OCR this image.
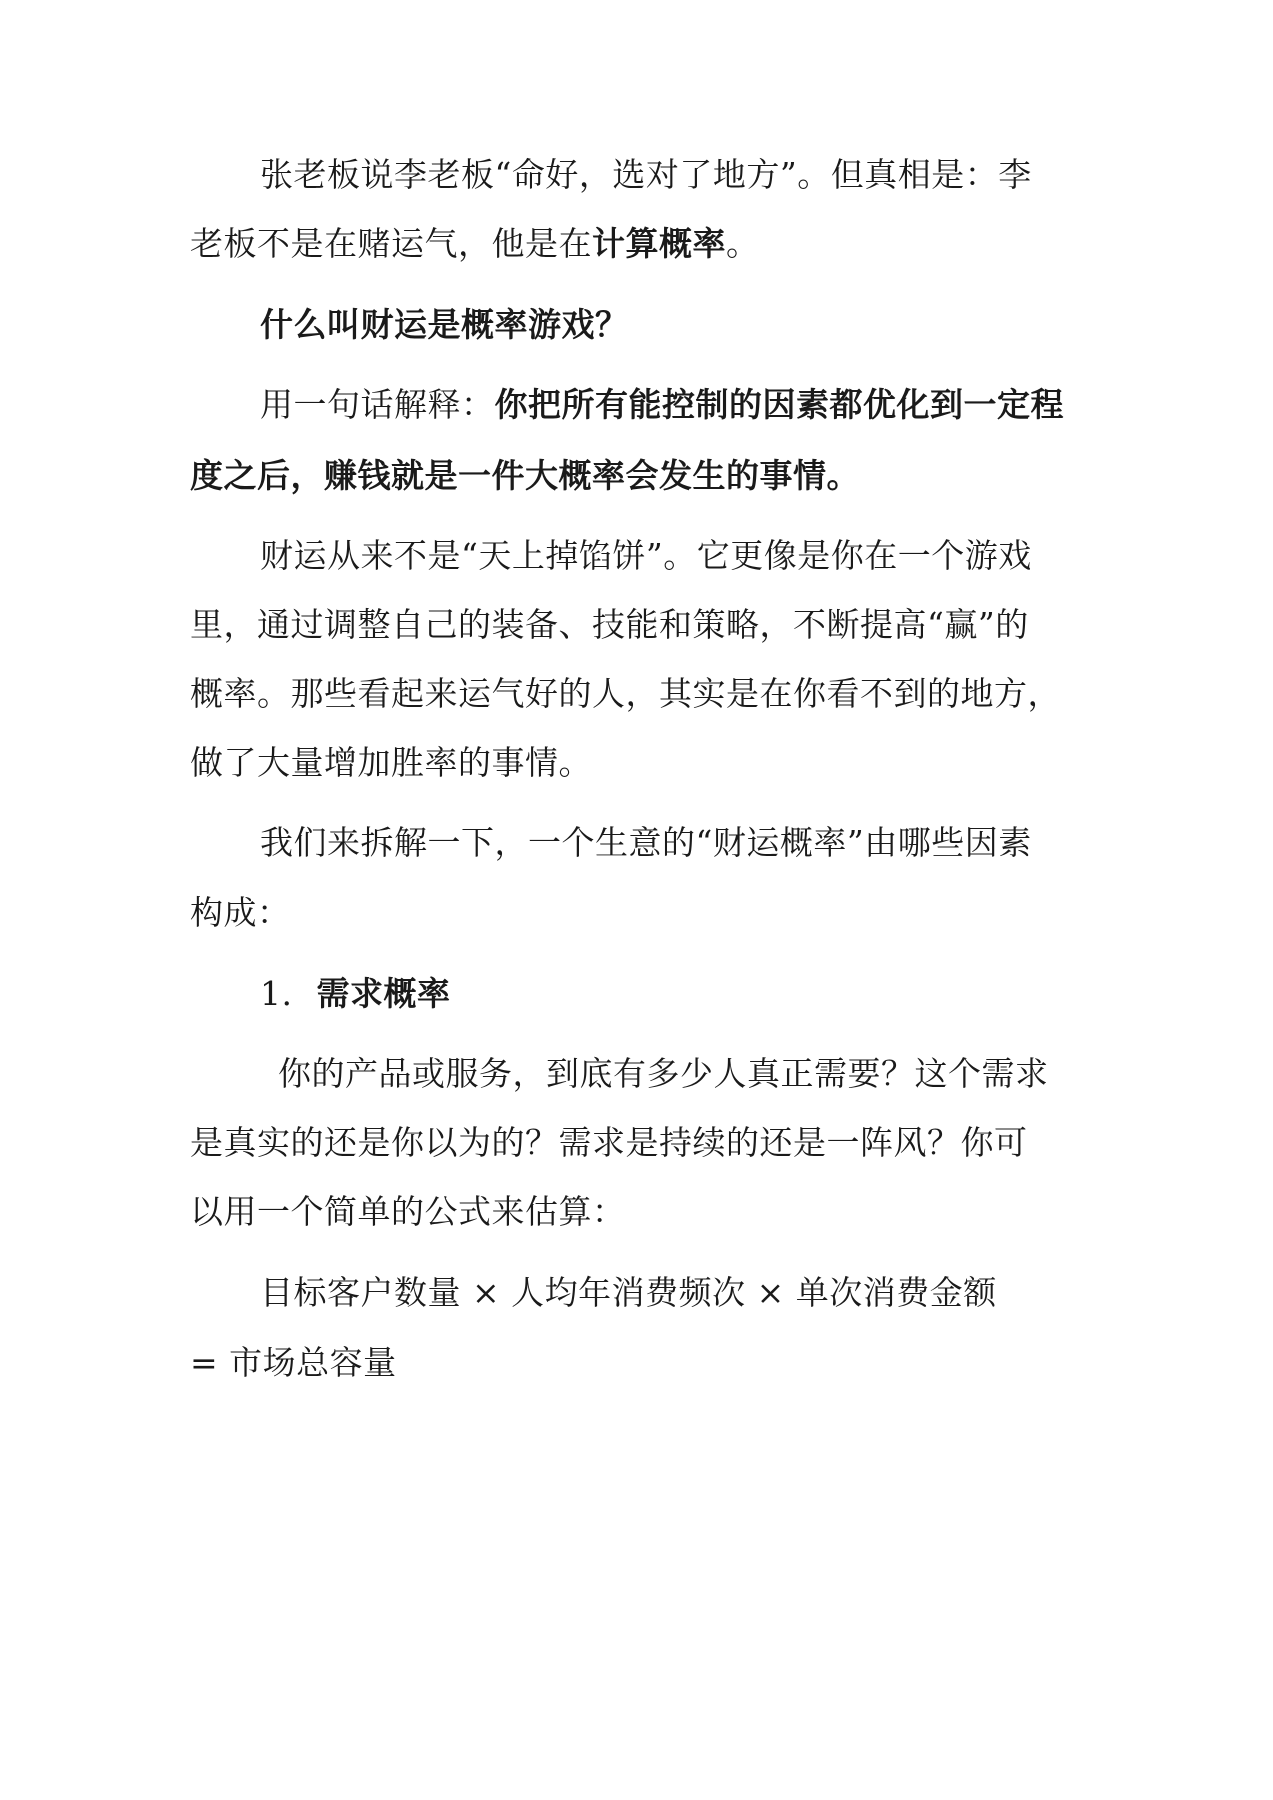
张老板说李老板“命好，选对了地方”。但真相是：李

老板不是在赌运气，他是在计算概率。

什么叫财运是概率游戏？

用一句话解释：你把所有能控制的因素都优化到一定程

度之后，赚钱就是一件大概率会发生的事情。

财运从来不是“天上掉馅饼”。它更像是你在一个游戏

里，通过调整自己的装备、技能和策略，不断提高“赢”的

概率。那些看起来运气好的人，其实是在你看不到的地方，

做了大量增加胜率的事情。

我们来拆解一下，一个生意的“财运概率”由哪些因素

构成：

1. 需求概率

你的产品或服务，到底有多少人真正需要？这个需求

是真实的还是你以为的？需求是持续的还是一阵风？你可

以用一个简单的公式来估算：

目标客户数量 × 人均年消费频次 × 单次消费金额

= 市场总容量
